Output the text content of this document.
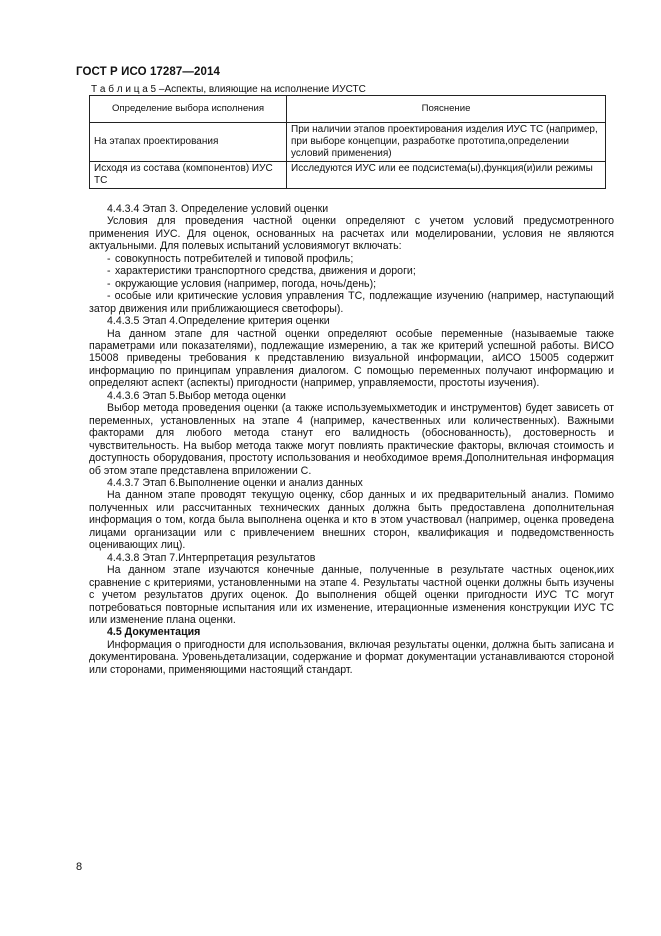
ГОСТ Р ИСО 17287—2014
Т а б л и ц а 5 –Аспекты, влияющие на исполнение ИУСТС
Определение выбора исполнения	Пояснение
На этапах проектирования	При наличии этапов проектирования изделия ИУС ТС (например, при выборе концепции, разработке прототипа,определении условий применения)
Исходя из состава (компонентов) ИУС ТС	Исследуются ИУС или ее подсистема(ы),функция(и)или режимы

4.4.3.4 Этап 3. Определение условий оценки

Условия для проведения частной оценки определяют с учетом условий предусмотренного применения ИУС. Для оценок, основанных на расчетах или моделировании, условия не являются актуальными. Для полевых испытаний условиямогут включать:

- совокупность потребителей и типовой профиль;

- характеристики транспортного средства, движения и дороги;

- окружающие условия (например, погода, ночь/день);

- особые или критические условия управления ТС, подлежащие изучению (например, наступающий затор движения или приближающиеся светофоры).

4.4.3.5 Этап 4.Определение критерия оценки

На данном этапе для частной оценки определяют особые переменные (называемые также параметрами или показателями), подлежащие измерению, а так же критерий успешной работы. ВИСО 15008 приведены требования к представлению визуальной информации, аИСО 15005 содержит информацию по принципам управления диалогом. С помощью переменных получают информацию и определяют аспект (аспекты) пригодности (например, управляемости, простоты изучения).

4.4.3.6 Этап 5.Выбор метода оценки

Выбор метода проведения оценки (а также используемыхметодик и инструментов) будет зависеть от переменных, установленных на этапе 4 (например, качественных или количественных). Важными факторами для любого метода станут его валидность (обоснованность), достоверность и чувствительность. На выбор метода также могут повлиять практические факторы, включая стоимость и доступность оборудования, простоту использования и необходимое время.Дополнительная информация об этом этапе представлена вприложении С.

4.4.3.7 Этап 6.Выполнение оценки и анализ данных

На данном этапе проводят текущую оценку, сбор данных и их предварительный анализ. Помимо полученных или рассчитанных технических данных должна быть предоставлена дополнительная информация о том, когда была выполнена оценка и кто в этом участвовал (например, оценка проведена лицами организации или с привлечением внешних сторон, квалификация и подведомственность оценивающих лиц).

4.4.3.8 Этап 7.Интерпретация результатов

На данном этапе изучаются конечные данные, полученные в результате частных оценок,иих сравнение с критериями, установленными на этапе 4. Результаты частной оценки должны быть изучены с учетом результатов других оценок. До выполнения общей оценки пригодности ИУС ТС могут потребоваться повторные испытания или их изменение, итерационные изменения конструкции ИУС ТС или изменение плана оценки.

4.5 Документация

Информация о пригодности для использования, включая результаты оценки, должна быть записана и документирована. Уровеньдетализации, содержание и формат документации устанавливаются стороной или сторонами, применяющими настоящий стандарт.

8
